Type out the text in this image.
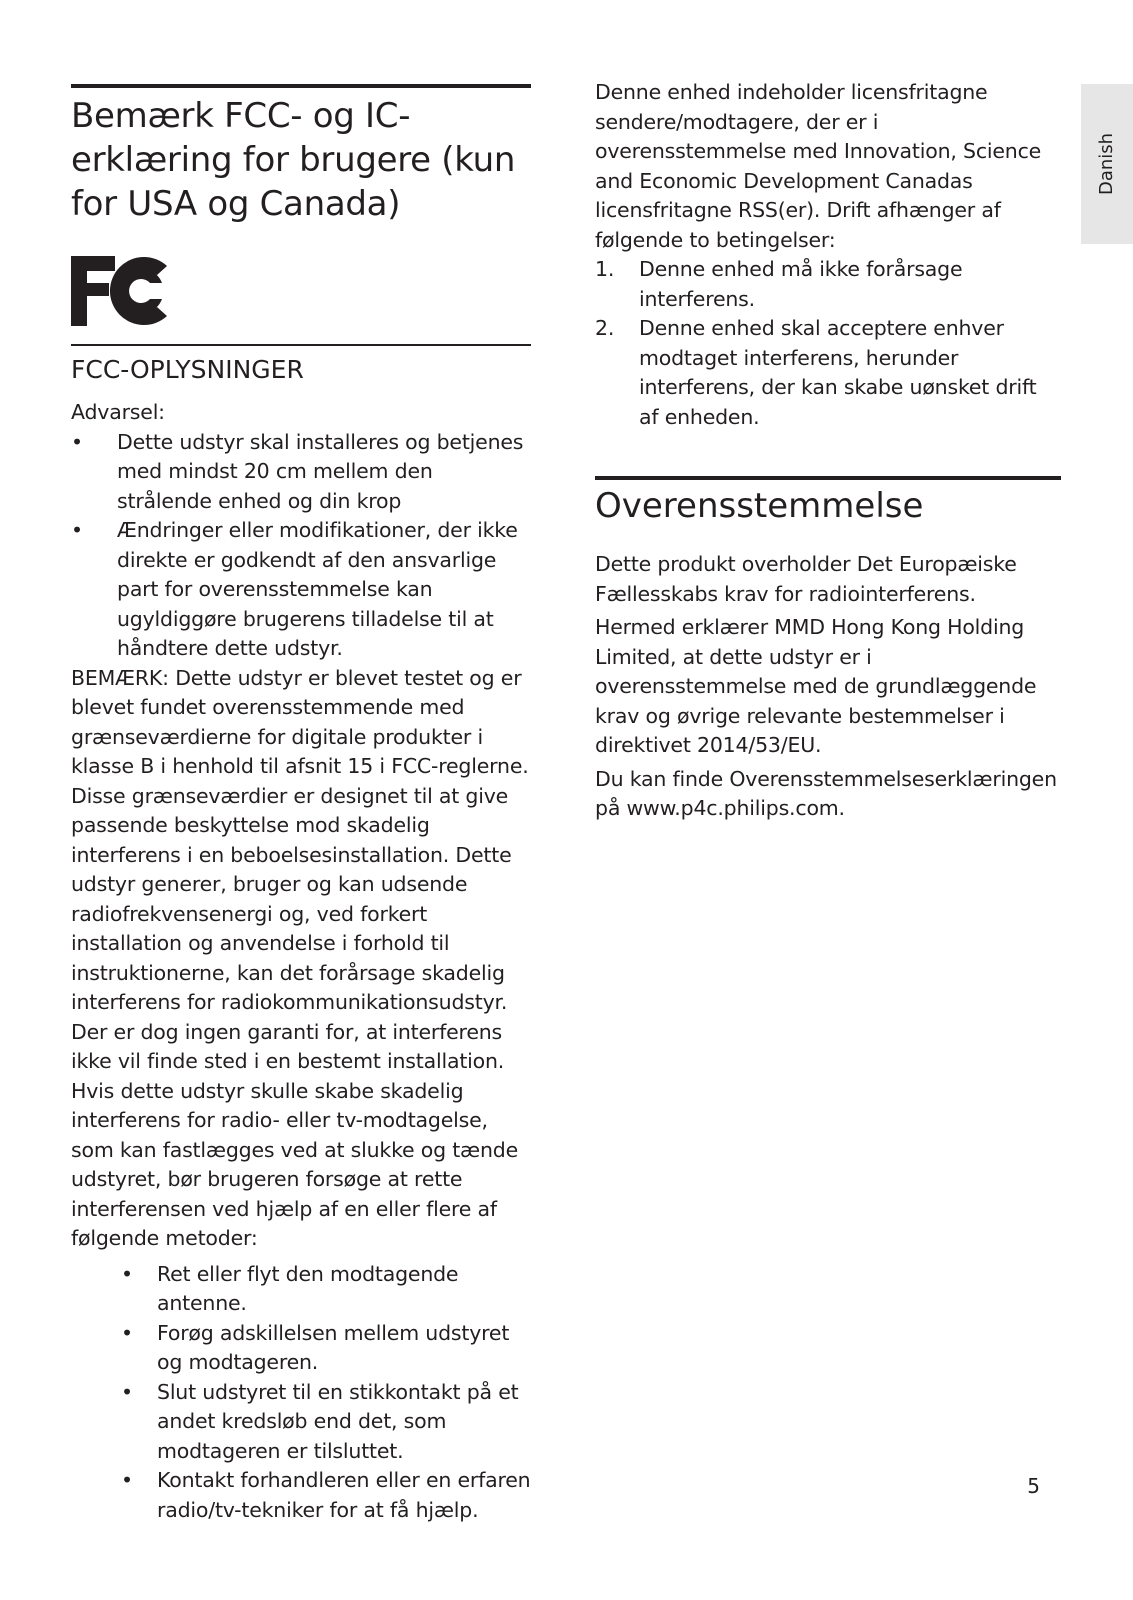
Danish
Bemærk FCC- og IC-erklæring for brugere (kun for USA og Canada)
FCC-OPLYSNINGER

Advarsel:

• Dette udstyr skal installeres og betjenes med mindst 20 cm mellem den strålende enhed og din krop
• Ændringer eller modifikationer, der ikke direkte er godkendt af den ansvarlige part for overensstemmelse kan ugyldiggøre brugerens tilladelse til at håndtere dette udstyr.

BEMÆRK: Dette udstyr er blevet testet og er blevet fundet overensstemmende med grænseværdierne for digitale produkter i klasse B i henhold til afsnit 15 i FCC-reglerne. Disse grænseværdier er designet til at give passende beskyttelse mod skadelig interferens i en beboelsesinstallation. Dette udstyr generer, bruger og kan udsende radiofrekvensenergi og, ved forkert installation og anvendelse i forhold til instruktionerne, kan det forårsage skadelig interferens for radiokommunikationsudstyr. Der er dog ingen garanti for, at interferens ikke vil finde sted i en bestemt installation. Hvis dette udstyr skulle skabe skadelig interferens for radio- eller tv-modtagelse, som kan fastlægges ved at slukke og tænde udstyret, bør brugeren forsøge at rette interferensen ved hjælp af en eller flere af følgende metoder:

• Ret eller flyt den modtagende antenne.
• Forøg adskillelsen mellem udstyret og modtageren.
• Slut udstyret til en stikkontakt på et andet kredsløb end det, som modtageren er tilsluttet.
• Kontakt forhandleren eller en erfaren radio/tv-tekniker for at få hjælp.

Denne enhed indeholder licensfritagne sendere/modtagere, der er i overensstemmelse med Innovation, Science and Economic Development Canadas licensfritagne RSS(er). Drift afhænger af følgende to betingelser:

1. Denne enhed må ikke forårsage interferens.
2. Denne enhed skal acceptere enhver modtaget interferens, herunder interferens, der kan skabe uønsket drift af enheden.
Overensstemmelse

Dette produkt overholder Det Europæiske Fællesskabs krav for radiointerferens.

Hermed erklærer MMD Hong Kong Holding Limited, at dette udstyr er i overensstemmelse med de grundlæggende krav og øvrige relevante bestemmelser i direktivet 2014/53/EU.

Du kan finde Overensstemmelseserklæringen på www.p4c.philips.com.

5
